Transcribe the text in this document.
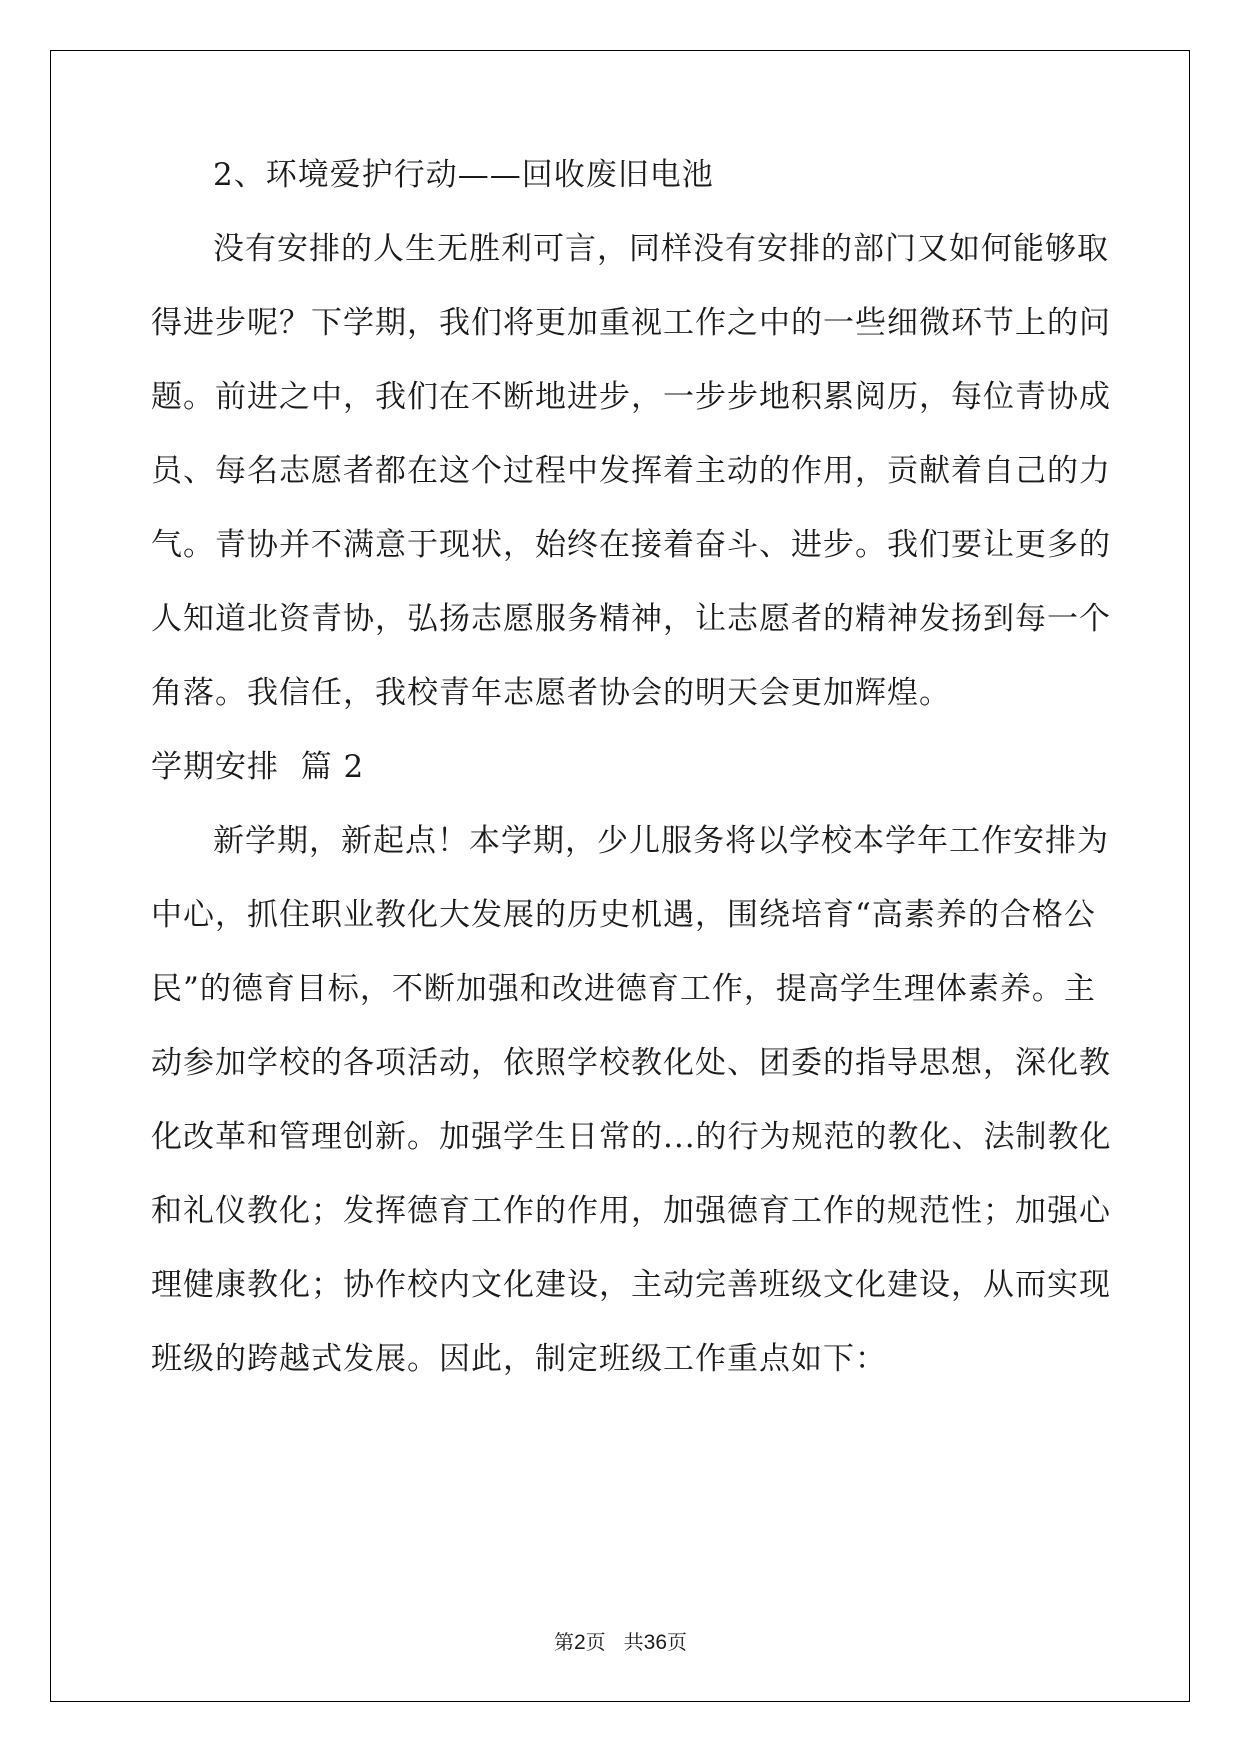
2、环境爱护行动——回收废旧电池

没有安排的人生无胜利可言，同样没有安排的部门又如何能够取

得进步呢？下学期，我们将更加重视工作之中的一些细微环节上的问

题。前进之中，我们在不断地进步，一步步地积累阅历，每位青协成

员、每名志愿者都在这个过程中发挥着主动的作用，贡献着自己的力

气。青协并不满意于现状，始终在接着奋斗、进步。我们要让更多的

人知道北资青协，弘扬志愿服务精神，让志愿者的精神发扬到每一个

角落。我信任，我校青年志愿者协会的明天会更加辉煌。

学期安排  篇 2

新学期，新起点！本学期，少儿服务将以学校本学年工作安排为

中心，抓住职业教化大发展的历史机遇，围绕培育“高素养的合格公

民”的德育目标，不断加强和改进德育工作，提高学生理体素养。主

动参加学校的各项活动，依照学校教化处、团委的指导思想，深化教

化改革和管理创新。加强学生日常的...的行为规范的教化、法制教化

和礼仪教化；发挥德育工作的作用，加强德育工作的规范性；加强心

理健康教化；协作校内文化建设，主动完善班级文化建设，从而实现

班级的跨越式发展。因此，制定班级工作重点如下：

第2页 共36页
